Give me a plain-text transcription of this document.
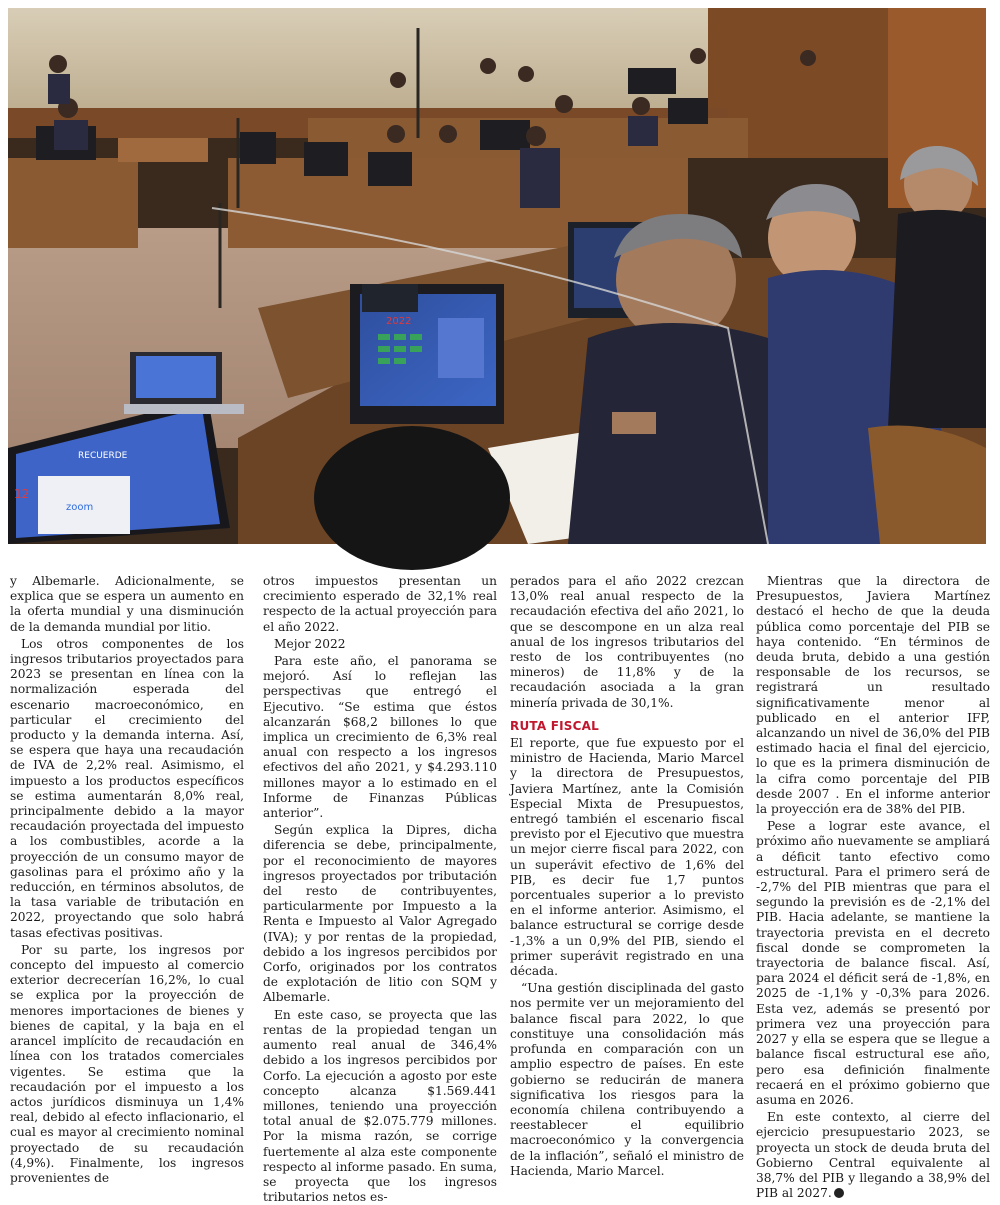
2022
RECUERDE
zoom
12

y Albemarle. Adicionalmente, se explica que se espera un aumento en la oferta mundial y una disminución de la demanda mundial por litio.

Los otros componentes de los ingresos tributarios proyectados para 2023 se presentan en línea con la normalización esperada del escenario macroeconómico, en particular el crecimiento del producto y la demanda interna. Así, se espera que haya una recaudación de IVA de 2,2% real. Asimismo, el impuesto a los productos específicos se estima aumentarán 8,0% real, principalmente debido a la mayor recaudación proyectada del impuesto a los combustibles, acorde a la proyección de un consumo mayor de gasolinas para el próximo año y la reducción, en términos absolutos, de la tasa variable de tributación en 2022, proyectando que solo habrá tasas efectivas positivas.

Por su parte, los ingresos por concepto del impuesto al comercio exterior decrecerían 16,2%, lo cual se explica por la proyección de menores importaciones de bienes y bienes de capital, y la baja en el arancel implícito de recaudación en línea con los tratados comerciales vigentes. Se estima que la recaudación por el impuesto a los actos jurídicos disminuya un 1,4% real, debido al efecto inflacionario, el cual es mayor al crecimiento nominal proyectado de su recaudación (4,9%). Finalmente, los ingresos provenientes de

otros impuestos presentan un crecimiento esperado de 32,1% real respecto de la actual proyección para el año 2022.

Mejor 2022

Para este año, el panorama se mejoró. Así lo reflejan las perspectivas que entregó el Ejecutivo. “Se estima que éstos alcanzarán $68,2 billones lo que implica un crecimiento de 6,3% real anual con respecto a los ingresos efectivos del año 2021, y $4.293.110 millones mayor a lo estimado en el Informe de Finanzas Públicas anterior”.

Según explica la Dipres, dicha diferencia se debe, principalmente, por el reconocimiento de mayores ingresos proyectados por tributación del resto de contribuyentes, particularmente por Impuesto a la Renta e Impuesto al Valor Agregado (IVA); y por rentas de la propiedad, debido a los ingresos percibidos por Corfo, originados por los contratos de explotación de litio con SQM y Albemarle.

En este caso, se proyecta que las rentas de la propiedad tengan un aumento real anual de 346,4% debido a los ingresos percibidos por Corfo. La ejecución a agosto por este concepto alcanza $1.569.441 millones, teniendo una proyección total anual de $2.075.779 millones. Por la misma razón, se corrige fuertemente al alza este componente respecto al informe pasado. En suma, se proyecta que los ingresos tributarios netos es-

perados para el año 2022 crezcan 13,0% real anual respecto de la recaudación efectiva del año 2021, lo que se descompone en un alza real anual de los ingresos tributarios del resto de los contribuyentes (no mineros) de 11,8% y de la recaudación asociada a la gran minería privada de 30,1%.

RUTA FISCAL

El reporte, que fue expuesto por el ministro de Hacienda, Mario Marcel y la directora de Presupuestos, Javiera Martínez, ante la Comisión Especial Mixta de Presupuestos, entregó también el escenario fiscal previsto por el Ejecutivo que muestra un mejor cierre fiscal para 2022, con un superávit efectivo de 1,6% del PIB, es decir fue 1,7 puntos porcentuales superior a lo previsto en el informe anterior. Asimismo, el balance estructural se corrige desde -1,3% a un 0,9% del PIB, siendo el primer superávit registrado en una década.

“Una gestión disciplinada del gasto nos permite ver un mejoramiento del balance fiscal para 2022, lo que constituye una consolidación más profunda en comparación con un amplio espectro de países. En este gobierno se reducirán de manera significativa los riesgos para la economía chilena contribuyendo a reestablecer el equilibrio macroeconómico y la convergencia de la inflación”, señaló el ministro de Hacienda, Mario Marcel.

Mientras que la directora de Presupuestos, Javiera Martínez destacó el hecho de que la deuda pública como porcentaje del PIB se haya contenido. “En términos de deuda bruta, debido a una gestión responsable de los recursos, se registrará un resultado significativamente menor al publicado en el anterior IFP, alcanzando un nivel de 36,0% del PIB estimado hacia el final del ejercicio, lo que es la primera disminución de la cifra como porcentaje del PIB desde 2007 . En el informe anterior la proyección era de 38% del PIB.

Pese a lograr este avance, el próximo año nuevamente se ampliará a déficit tanto efectivo como estructural. Para el primero será de -2,7% del PIB mientras que para el segundo la previsión es de -2,1% del PIB. Hacia adelante, se mantiene la trayectoria prevista en el decreto fiscal donde se comprometen la trayectoria de balance fiscal. Así, para 2024 el déficit será de -1,8%, en 2025 de -1,1% y -0,3% para 2026. Esta vez, además se presentó por primera vez una proyección para 2027 y ella se espera que se llegue a balance fiscal estructural ese año, pero esa definición finalmente recaerá en el próximo gobierno que asuma en 2026.

En este contexto, al cierre del ejercicio presupuestario 2023, se proyecta un stock de deuda bruta del Gobierno Central equivalente al 38,7% del PIB y llegando a 38,9% del PIB al 2027.
